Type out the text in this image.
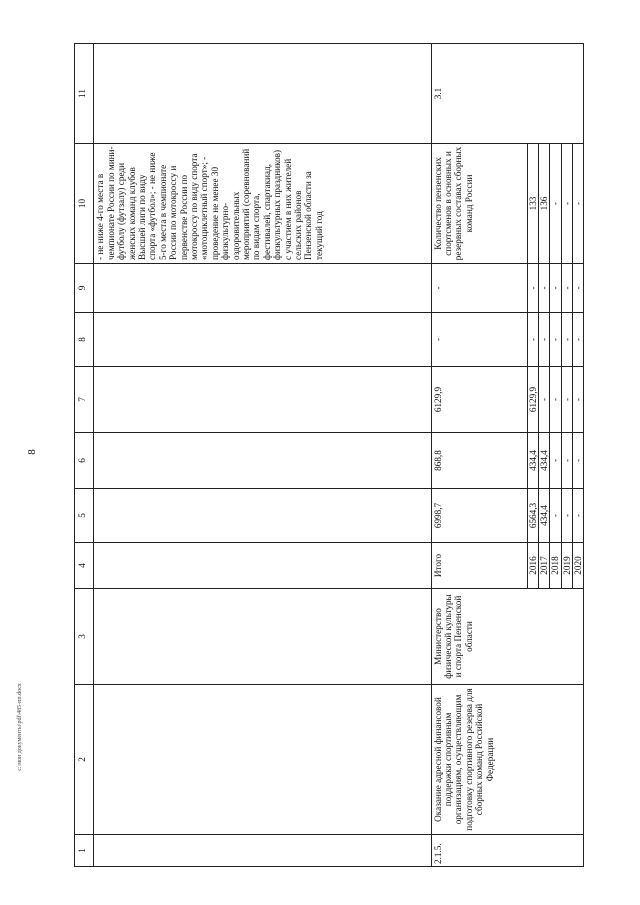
8
c:\мои документы\pdf\485-пп.docx
1	2	3	4	5	6	7	8	9	10	11
									- не ниже 4-го места в чемпионате России по мини-футболу (футзалу) среди женских команд клубов Высшей лиги по виду спорта «футбол»; - не ниже 5-го места в чемпионате России по мотокроссу и первенстве России по мотокроссу по виду спорта «мотоциклетный спорт»; - проведение не менее 30 физкультурно-оздоровительных мероприятий (соревнований по видам спорта, фестивалей, спартакиад, физкультурных праздников) с участием в них жителей сельских районов Пензенской области за текущий год	
2.1.5.	Оказание адресной финансовой поддержки спортивным организациям, осуществляющим подготовку спортивного резерва для сборных команд Российской Федерации	Министерство физической культуры и спорта Пензенской области	Итого	6998,7	868,8	6129,9	-	-	Количество пензенских спортсменов в основных и резервных составах сборных команд России	3.1
			2016	6564,3	434,4	6129,9	-	-	133	
			2017	434,4	434,4	-	-	-	136	
			2018	-	-	-	-	-	-	
			2019	-	-	-	-	-	-	
			2020	-	-	-	-	-	-	
